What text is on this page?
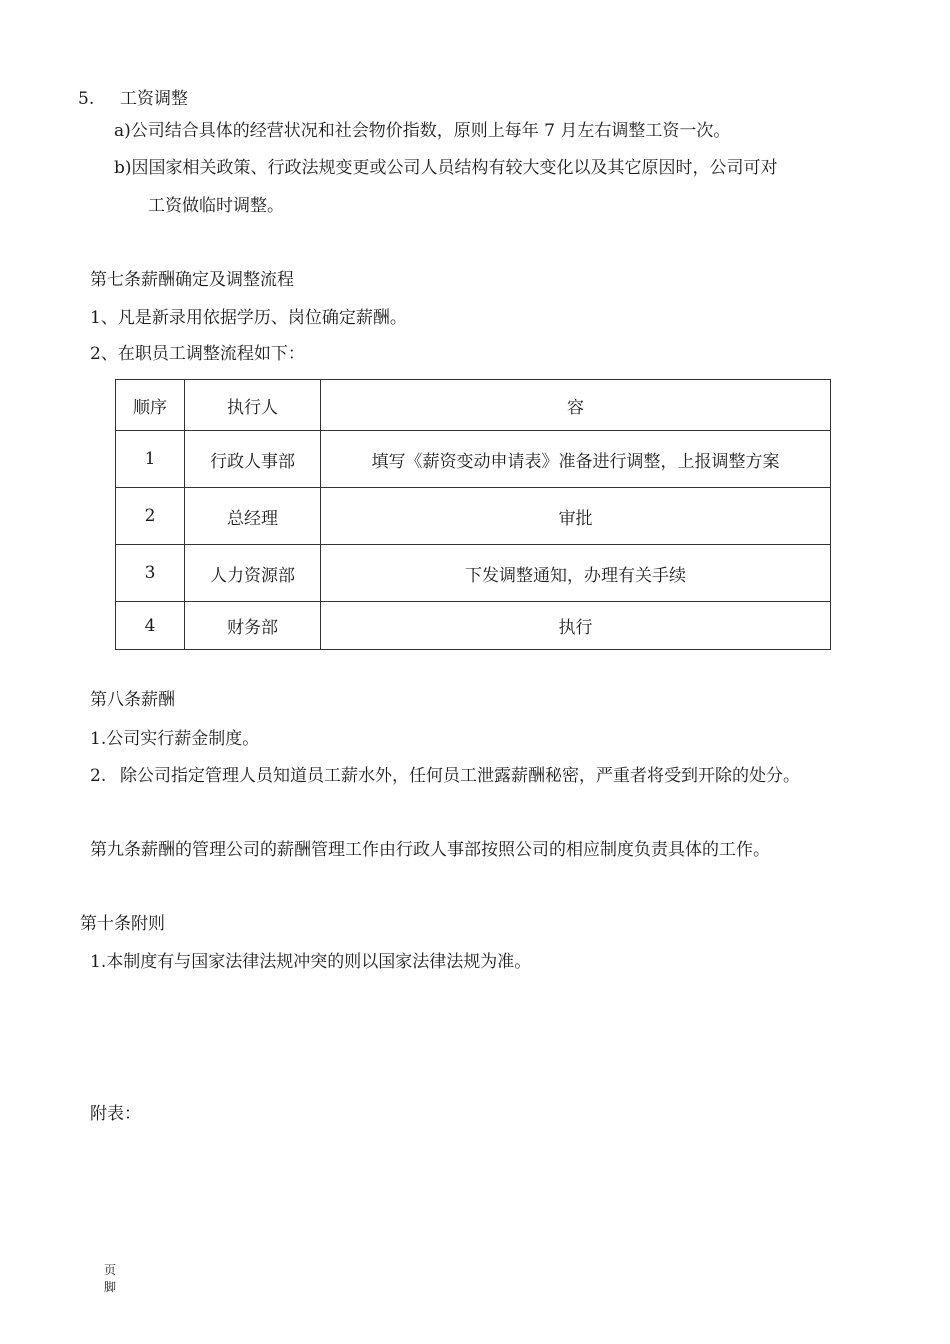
5. 工资调整
a)公司结合具体的经营状况和社会物价指数，原则上每年 7 月左右调整工资一次。
b)因国家相关政策、行政法规变更或公司人员结构有较大变化以及其它原因时，公司可对
工资做临时调整。
第七条薪酬确定及调整流程
1、凡是新录用依据学历、岗位确定薪酬。
2、在职员工调整流程如下：
顺序	执行人	容
1	行政人事部	填写《薪资变动申请表》准备进行调整，上报调整方案
2	总经理	审批
3	人力资源部	下发调整通知，办理有关手续
4	财务部	执行
第八条薪酬
1.公司实行薪金制度。
2. 除公司指定管理人员知道员工薪水外，任何员工泄露薪酬秘密，严重者将受到开除的处分。
第九条薪酬的管理公司的薪酬管理工作由行政人事部按照公司的相应制度负责具体的工作。
第十条附则
1.本制度有与国家法律法规冲突的则以国家法律法规为准。
附表：
页脚
